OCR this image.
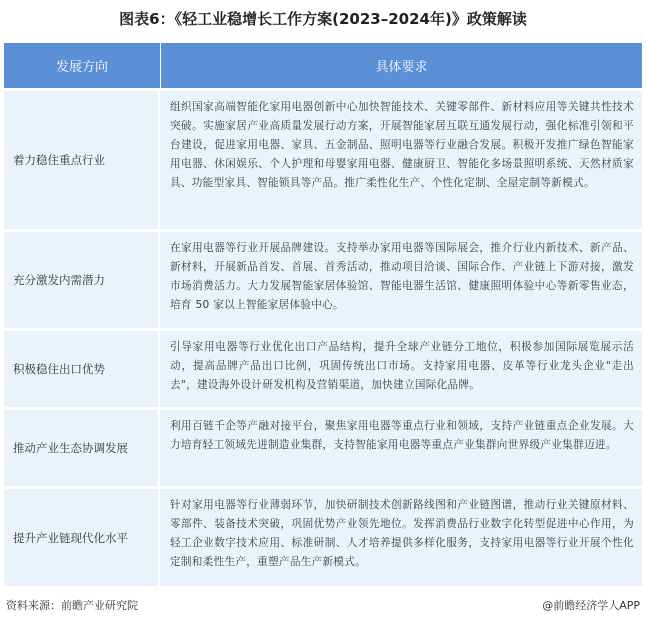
图表6：《轻工业稳增长工作方案(2023–2024年)》政策解读
发展方向	具体要求
着力稳住重点行业
组织国家高端智能化家用电器创新中心加快智能技术、关键零部件、新材料应用等关键共性技术突破。实施家居产业高质量发展行动方案，开展智能家居互联互通发展行动，强化标准引领和平台建设，促进家用电器、家具、五金制品、照明电器等行业融合发展。积极开发推广绿色智能家用电器、休闲娱乐、个人护理和母婴家用电器、健康厨卫、智能化多场景照明系统、天然材质家具、功能型家具、智能锁具等产品。推广柔性化生产、个性化定制、全屋定制等新模式。
充分激发内需潜力
在家用电器等行业开展品牌建设。支持举办家用电器等国际展会，推介行业内新技术、新产品、新材料，开展新品首发、首展、首秀活动，推动项目洽谈、国际合作、产业链上下游对接，激发市场消费活力。大力发展智能家居体验馆、智能电器生活馆、健康照明体验中心等新零售业态，培育 50 家以上智能家居体验中心。
积极稳住出口优势
引导家用电器等行业优化出口产品结构，提升全球产业链分工地位，积极参加国际展览展示活动，提高品牌产品出口比例，巩固传统出口市场。支持家用电器、皮革等行业龙头企业"走出去"，建设海外设计研发机构及营销渠道，加快建立国际化品牌。
推动产业生态协调发展
利用百链千企等产融对接平台，聚焦家用电器等重点行业和领域，支持产业链重点企业发展。大力培育轻工领域先进制造业集群，支持智能家用电器等重点产业集群向世界级产业集群迈进。
提升产业链现代化水平
针对家用电器等行业薄弱环节，加快研制技术创新路线图和产业链图谱，推动行业关键原材料、零部件、装备技术突破，巩固优势产业领先地位。发挥消费品行业数字化转型促进中心作用，为轻工企业数字技术应用、标准研制、人才培养提供多样化服务，支持家用电器等行业开展个性化定制和柔性生产，重塑产品生产新模式。
资料来源：前瞻产业研究院	@前瞻经济学人APP
